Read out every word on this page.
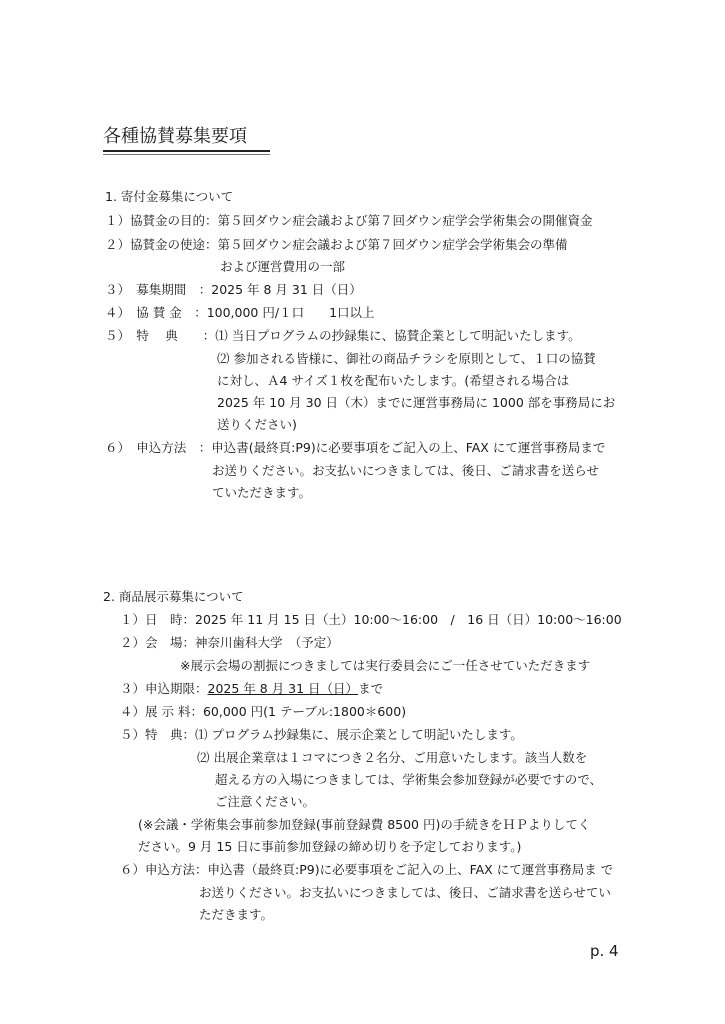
各種協賛募集要項
1. 寄付金募集について
１）協賛金の目的：第５回ダウン症会議および第７回ダウン症学会学術集会の開催資金
２）協賛金の使途：第５回ダウン症会議および第７回ダウン症学会学術集会の準備
および運営費用の一部
３）　募集期間　：2025 年 8 月 31 日（日）
４）　協 賛 金　：100,000 円/１口　　1口以上
５）　特　 典　　：⑴ 当日プログラムの抄録集に、協賛企業として明記いたします。
⑵ 参加される皆様に、御社の商品チラシを原則として、１口の協賛
に対し、Ａ4 サイズ１枚を配布いたします。(希望される場合は
2025 年 10 月 30 日（木）までに運営事務局に 1000 部を事務局にお
送りください)
６）　申込方法　：申込書(最終頁:P9)に必要事項をご記入の上、FAX にて運営事務局まで
お送りください。お支払いにつきましては、後日、ご請求書を送らせ
ていただきます。
2. 商品展示募集について
１）日　時：2025 年 11 月 15 日（土）10:00〜16:00　/　16 日（日）10:00〜16:00
２）会　場：神奈川歯科大学　（予定）
※展示会場の割振につきましては実行委員会にご一任させていただきます
３）申込期限：2025 年 8 月 31 日（日）まで
４）展 示 料：60,000 円(1 テーブル:1800＊600)
５）特　典：⑴ プログラム抄録集に、展示企業として明記いたします。
⑵ 出展企業章は１コマにつき２名分、ご用意いたします。該当人数を
超える方の入場につきましては、学術集会参加登録が必要ですので、
ご注意ください。
(※会議・学術集会事前参加登録(事前登録費 8500 円)の手続きをＨＰよりしてく
ださい。9 月 15 日に事前参加登録の締め切りを予定しております。)
６）申込方法：申込書（最終頁:P9)に必要事項をご記入の上、FAX にて運営事務局ま で
お送りください。お支払いにつきましては、後日、ご請求書を送らせてい
ただきます。
p. 4
